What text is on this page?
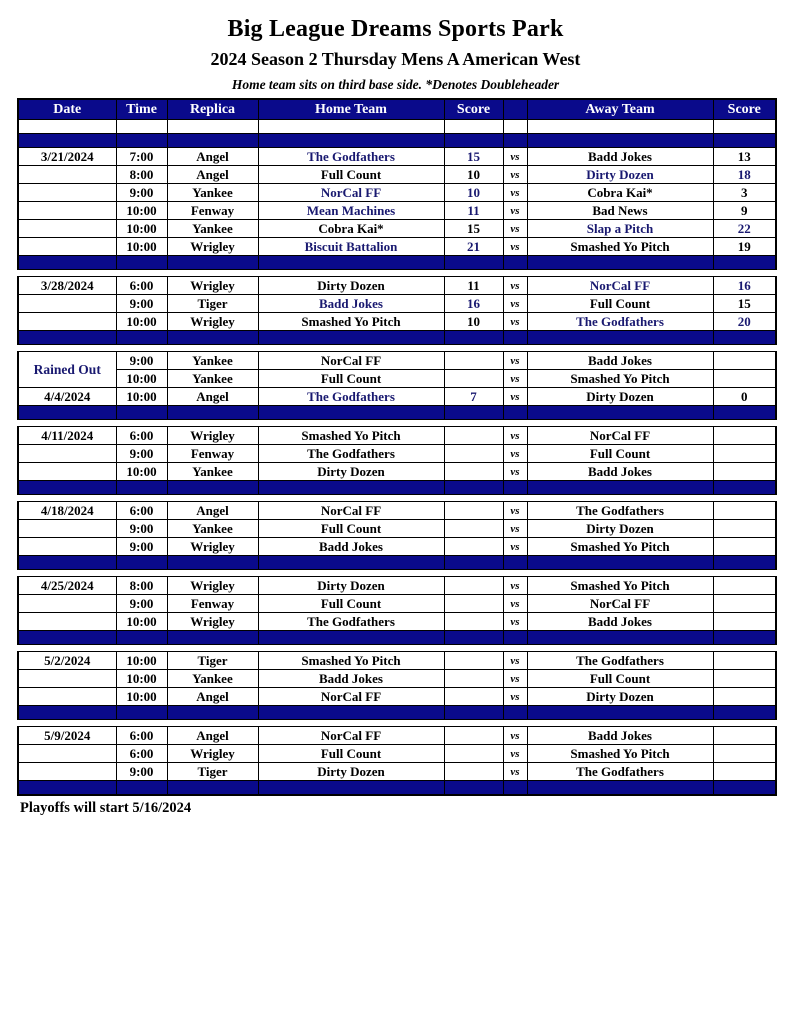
Big League Dreams Sports Park
2024 Season 2 Thursday Mens A American West
Home team sits on third base side. *Denotes Doubleheader
Date	Time	Replica	Home Team	Score		Away Team	Score

3/21/2024	7:00	Angel	The Godfathers	15	vs	Badd Jokes	13
	8:00	Angel	Full Count	10	vs	Dirty Dozen	18
	9:00	Yankee	NorCal FF	10	vs	Cobra Kai*	3
	10:00	Fenway	Mean Machines	11	vs	Bad News	9
	10:00	Yankee	Cobra Kai*	15	vs	Slap a Pitch	22
	10:00	Wrigley	Biscuit Battalion	21	vs	Smashed Yo Pitch	19

3/28/2024	6:00	Wrigley	Dirty Dozen	11	vs	NorCal FF	16
	9:00	Tiger	Badd Jokes	16	vs	Full Count	15
	10:00	Wrigley	Smashed Yo Pitch	10	vs	The Godfathers	20

Rained Out	9:00	Yankee	NorCal FF		vs	Badd Jokes	
	10:00	Yankee	Full Count		vs	Smashed Yo Pitch	
4/4/2024	10:00	Angel	The Godfathers	7	vs	Dirty Dozen	0

4/11/2024	6:00	Wrigley	Smashed Yo Pitch		vs	NorCal FF	
	9:00	Fenway	The Godfathers		vs	Full Count	
	10:00	Yankee	Dirty Dozen		vs	Badd Jokes	

4/18/2024	6:00	Angel	NorCal FF		vs	The Godfathers	
	9:00	Yankee	Full Count		vs	Dirty Dozen	
	9:00	Wrigley	Badd Jokes		vs	Smashed Yo Pitch	

4/25/2024	8:00	Wrigley	Dirty Dozen		vs	Smashed Yo Pitch	
	9:00	Fenway	Full Count		vs	NorCal FF	
	10:00	Wrigley	The Godfathers		vs	Badd Jokes	

5/2/2024	10:00	Tiger	Smashed Yo Pitch		vs	The Godfathers	
	10:00	Yankee	Badd Jokes		vs	Full Count	
	10:00	Angel	NorCal FF		vs	Dirty Dozen	

5/9/2024	6:00	Angel	NorCal FF		vs	Badd Jokes	
	6:00	Wrigley	Full Count		vs	Smashed Yo Pitch	
	9:00	Tiger	Dirty Dozen		vs	The Godfathers	

Playoffs will start 5/16/2024
